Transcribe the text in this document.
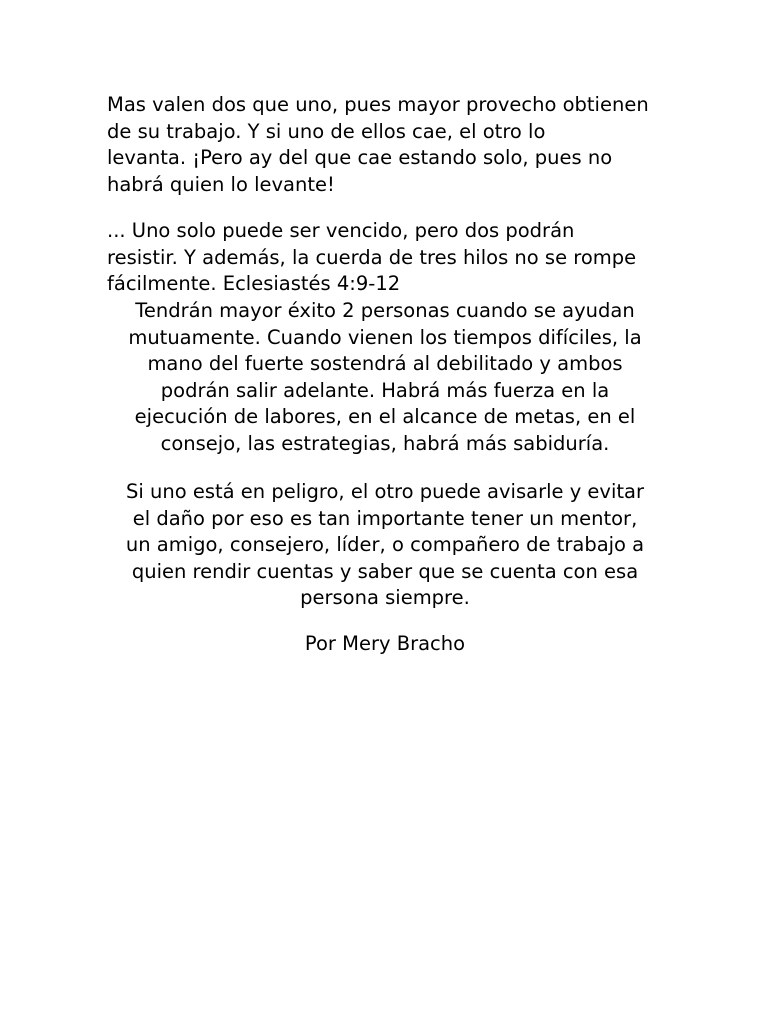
Mas valen dos que uno, pues mayor provecho obtienen
de su trabajo. Y si uno de ellos cae, el otro lo
levanta. ¡Pero ay del que cae estando solo, pues no
habrá quien lo levante!

... Uno solo puede ser vencido, pero dos podrán
resistir. Y además, la cuerda de tres hilos no se rompe
fácilmente. Eclesiastés 4:9-12

Tendrán mayor éxito 2 personas cuando se ayudan
mutuamente. Cuando vienen los tiempos difíciles, la
mano del fuerte sostendrá al debilitado y ambos
podrán salir adelante. Habrá más fuerza en la
ejecución de labores, en el alcance de metas, en el
consejo, las estrategias, habrá más sabiduría.

Si uno está en peligro, el otro puede avisarle y evitar
el daño por eso es tan importante tener un mentor,
un amigo, consejero, líder, o compañero de trabajo a
quien rendir cuentas y saber que se cuenta con esa
persona siempre.

Por Mery Bracho
